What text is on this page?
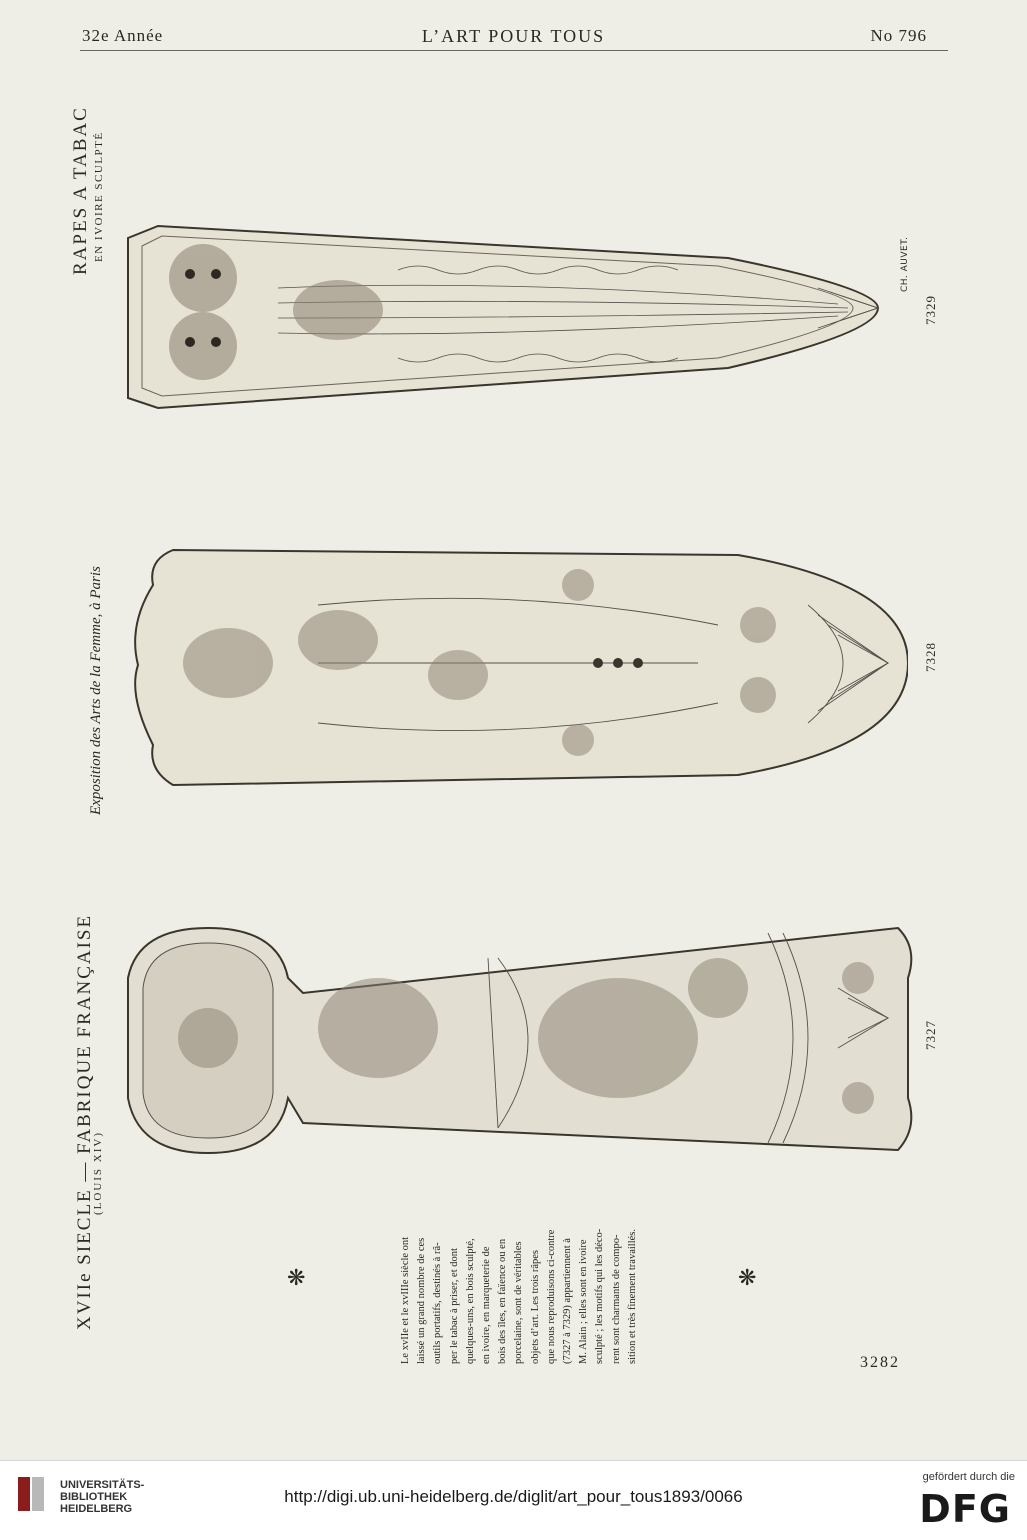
32e Année	L’ART POUR TOUS	No 796
RAPES A TABAC EN IVOIRE SCULPTÉ
Exposition des Arts de la Femme, à Paris
XVIIe SIECLE — FABRIQUE FRANÇAISE
(LOUIS XIV)
7329
CH. AUVET.
7328
7327
❋	❋
Le xvIIe et le xvIIIe siècle ont laissé un grand nombre de ces outils portatifs, destinés à râ- per le tabac à priser, et dont quelques-uns, en bois sculpté, en ivoire, en marqueterie de bois des îles, en faïence ou en porcelaine, sont de véritables objets d’art. Les trois râpes que nous reproduisons ci-contre (7327 à 7329) appartiennent à M. Alain ; elles sont en ivoire sculpté ; les motifs qui les déco- rent sont charmants de compo- sition et très finement travaillés.	3282
UNIVERSITÄTS-
BIBLIOTHEK
HEIDELBERG
http://digi.ub.uni-heidelberg.de/diglit/art_pour_tous1893/0066
gefördert durch die
DFG
